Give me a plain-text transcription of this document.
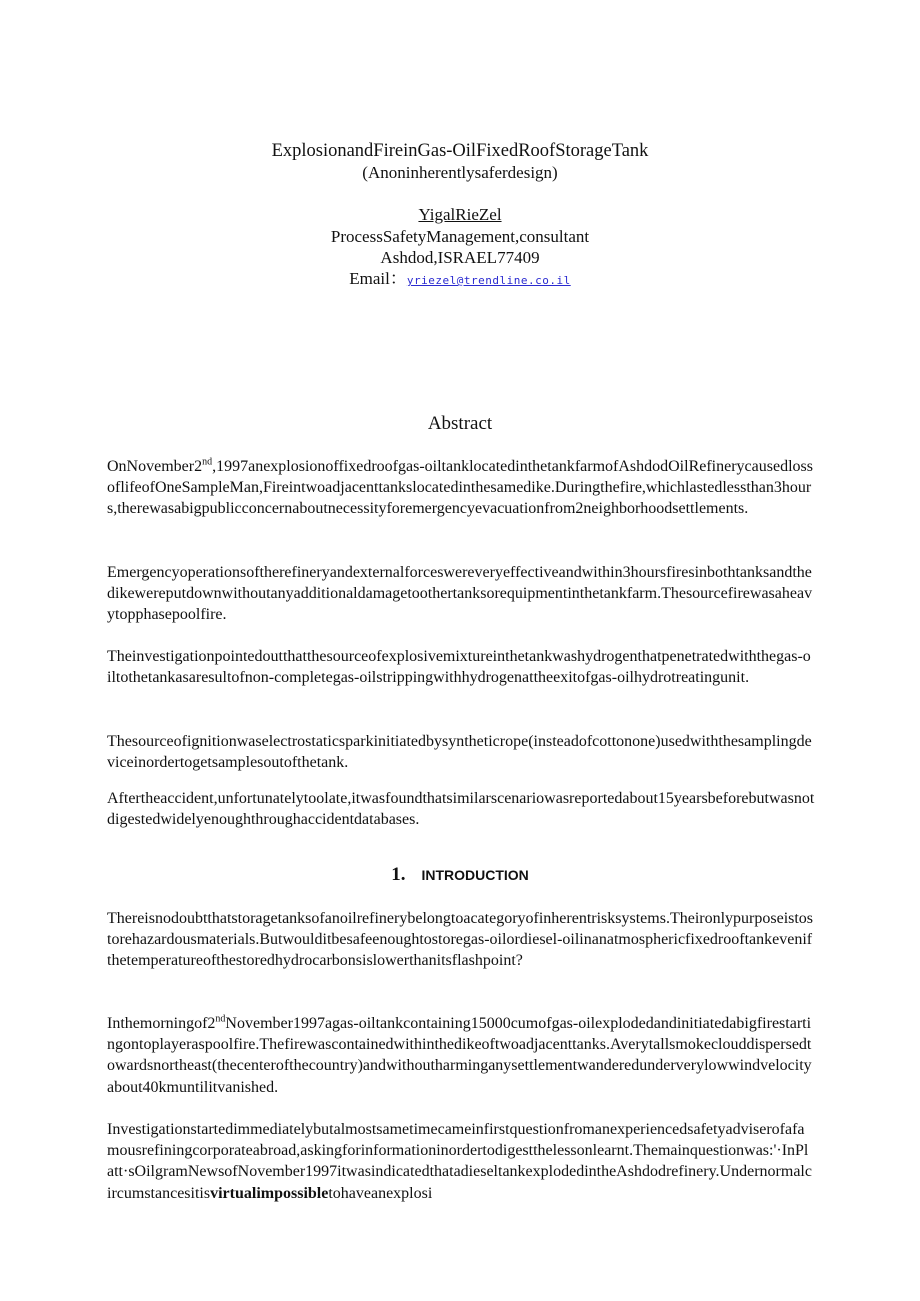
ExplosionandFireinGas-OilFixedRoofStorageTank
(Anoninherentlysaferdesign)
YigalRieZel
ProcessSafetyManagement,consultant
Ashdod,ISRAEL77409
Email：yriezel@trendline.co.il
Abstract
OnNovember2nd,1997anexplosionoffixedroofgas-oiltanklocatedinthetankfarmofAshdodOilRefinerycausedlossoflifeofOneSampleMan,Fireintwoadjacenttankslocatedinthesamedike.Duringthefire,whichlastedlessthan3hours,therewasabigpublicconcernaboutnecessityforemergencyevacuationfrom2neighborhoodsettlements.
Emergencyoperationsoftherefineryandexternalforceswereveryeffectiveandwithin3hoursfiresinbothtanksandthedikewereputdownwithoutanyadditionaldamagetoothertanksorequipmentinthetankfarm.Thesourcefirewasaheavytopphasepoolfire.
Theinvestigationpointedoutthatthesourceofexplosivemixtureinthetankwashydrogenthatpenetratedwiththegas-oiltothetankasaresultofnon-completegas-oilstrippingwithhydrogenattheexitofgas-oilhydrotreatingunit.
Thesourceofignitionwaselectrostaticsparkinitiatedbysyntheticrope(insteadofcottonone)usedwiththesamplingdeviceinordertogetsamplesoutofthetank.
Aftertheaccident,unfortunatelytoolate,itwasfoundthatsimilarscenariowasreportedabout15yearsbeforebutwasnotdigestedwidelyenoughthroughaccidentdatabases.
1. INTRODUCTION
Thereisnodoubtthatstoragetanksofanoilrefinerybelongtoacategoryofinherentrisksystems.Theironlypurposeistostorehazardousmaterials.Butwoulditbesafeenoughtostoregas-oilordiesel-oilinanatmosphericfixedrooftankevenifthetemperatureofthestoredhydrocarbonsislowerthanitsflashpoint?
Inthemorningof2ndNovember1997agas-oiltankcontaining15000cumofgas-oilexplodedandinitiatedabigfirestartingontoplayeraspoolfire.Thefirewascontainedwithinthedikeoftwoadjacenttanks.Averytallsmokeclouddispersedtowardsnortheast(thecenterofthecountry)andwithoutharminganysettlementwanderedunderverylowwindvelocityabout40kmuntilitvanished.
Investigationstartedimmediatelybutalmostsametimecameinfirstquestionfromanexperiencedsafetyadviserofafamousrefiningcorporateabroad,askingforinformationinordertodigestthelessonlearnt.Themainquestionwas:'·InPlatt·sOilgramNewsofNovember1997itwasindicatedthatadieseltankexplodedintheAshdodrefinery.Undernormalcircumstancesitisvirtualimpossibletohaveanexplosi
